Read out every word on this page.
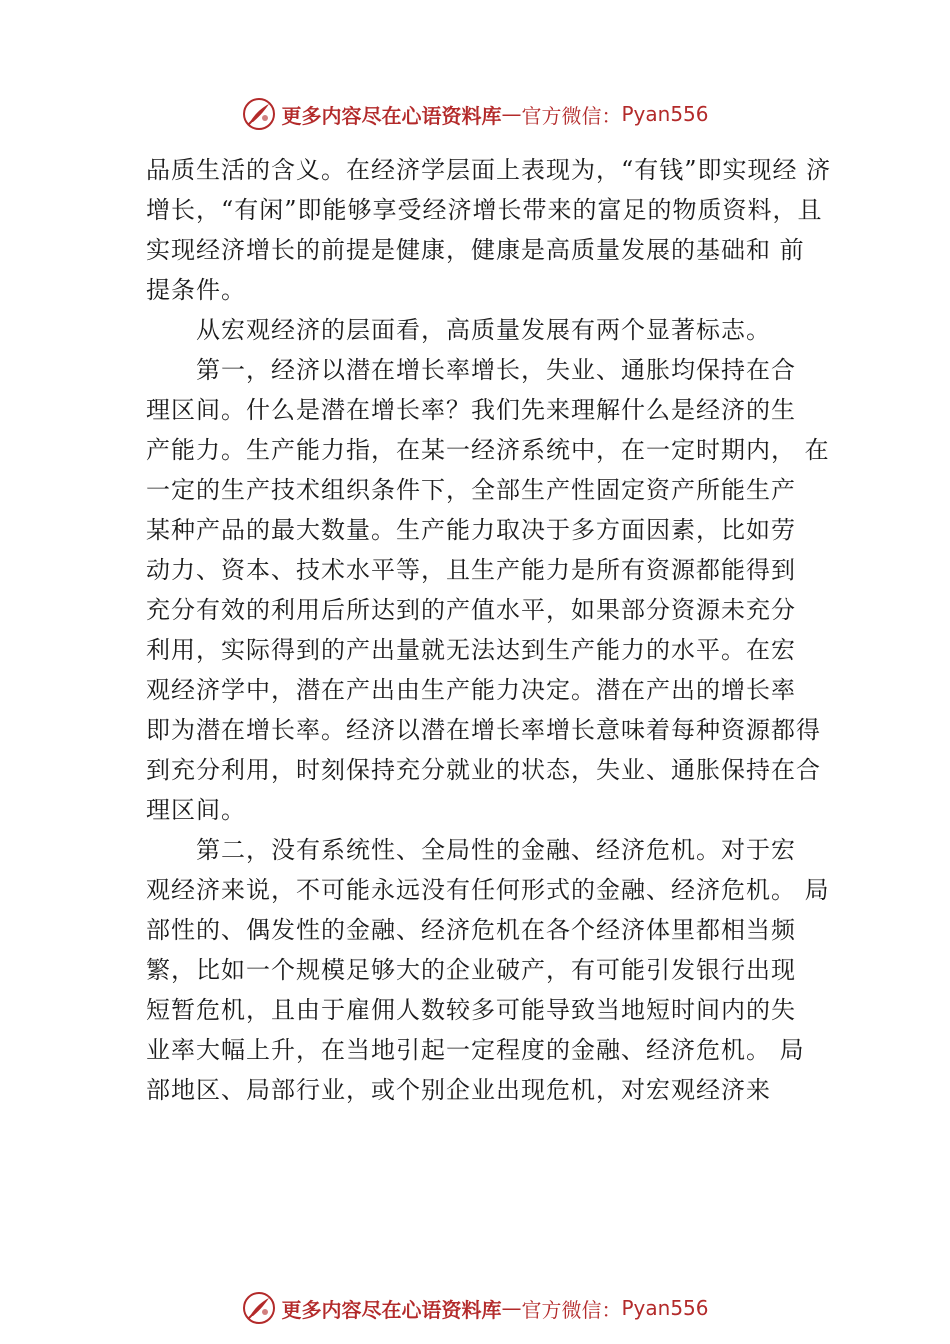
更多内容尽在心语资料库 — 官方微信： Pyan556
品质生活的含义。在经济学层面上表现为，“有钱”即实现经 济
增长，“有闲”即能够享受经济增长带来的富足的物质资料，且
实现经济增长的前提是健康，健康是高质量发展的基础和 前
提条件。
从宏观经济的层面看，高质量发展有两个显著标志。
第一，经济以潜在增长率增长，失业、通胀均保持在合
理区间。什么是潜在增长率？我们先来理解什么是经济的生
产能力。生产能力指，在某一经济系统中，在一定时期内， 在
一定的生产技术组织条件下，全部生产性固定资产所能生产
某种产品的最大数量。生产能力取决于多方面因素，比如劳
动力、资本、技术水平等，且生产能力是所有资源都能得到
充分有效的利用后所达到的产值水平，如果部分资源未充分
利用，实际得到的产出量就无法达到生产能力的水平。在宏
观经济学中，潜在产出由生产能力决定。潜在产出的增长率
即为潜在增长率。经济以潜在增长率增长意味着每种资源都得
到充分利用，时刻保持充分就业的状态，失业、通胀保持在合
理区间。
第二，没有系统性、全局性的金融、经济危机。对于宏
观经济来说，不可能永远没有任何形式的金融、经济危机。 局
部性的、偶发性的金融、经济危机在各个经济体里都相当频
繁，比如一个规模足够大的企业破产，有可能引发银行出现
短暂危机，且由于雇佣人数较多可能导致当地短时间内的失
业率大幅上升，在当地引起一定程度的金融、经济危机。 局
部地区、局部行业，或个别企业出现危机，对宏观经济来
更多内容尽在心语资料库 — 官方微信： Pyan556
